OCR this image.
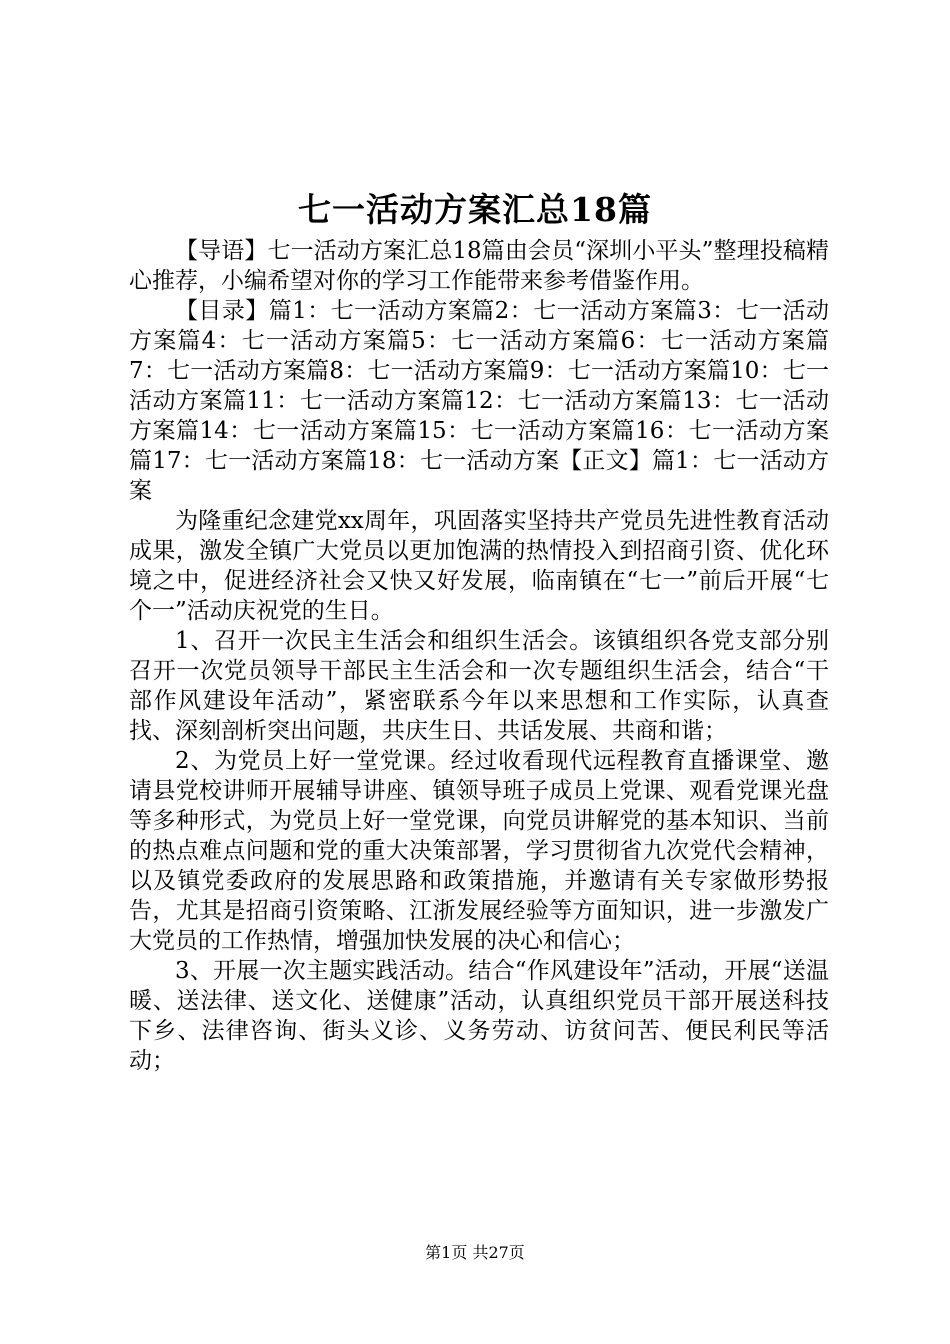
七一活动方案汇总18篇

【导语】七一活动方案汇总18篇由会员“深圳小平头”整理投稿精心推荐，小编希望对你的学习工作能带来参考借鉴作用。

【目录】篇1：七一活动方案篇2：七一活动方案篇3：七一活动方案篇4：七一活动方案篇5：七一活动方案篇6：七一活动方案篇7：七一活动方案篇8：七一活动方案篇9：七一活动方案篇10：七一活动方案篇11：七一活动方案篇12：七一活动方案篇13：七一活动方案篇14：七一活动方案篇15：七一活动方案篇16：七一活动方案篇17：七一活动方案篇18：七一活动方案【正文】篇1：七一活动方案

为隆重纪念建党xx周年，巩固落实坚持共产党员先进性教育活动成果，激发全镇广大党员以更加饱满的热情投入到招商引资、优化环境之中，促进经济社会又快又好发展，临南镇在“七一”前后开展“七个一”活动庆祝党的生日。

1、召开一次民主生活会和组织生活会。该镇组织各党支部分别召开一次党员领导干部民主生活会和一次专题组织生活会，结合“干部作风建设年活动”，紧密联系今年以来思想和工作实际，认真查找、深刻剖析突出问题，共庆生日、共话发展、共商和谐；

2、为党员上好一堂党课。经过收看现代远程教育直播课堂、邀请县党校讲师开展辅导讲座、镇领导班子成员上党课、观看党课光盘等多种形式，为党员上好一堂党课，向党员讲解党的基本知识、当前的热点难点问题和党的重大决策部署，学习贯彻省九次党代会精神，以及镇党委政府的发展思路和政策措施，并邀请有关专家做形势报告，尤其是招商引资策略、江浙发展经验等方面知识，进一步激发广大党员的工作热情，增强加快发展的决心和信心；

3、开展一次主题实践活动。结合“作风建设年”活动，开展“送温暖、送法律、送文化、送健康”活动，认真组织党员干部开展送科技下乡、法律咨询、街头义诊、义务劳动、访贫问苦、便民利民等活动；

第1页 共27页
